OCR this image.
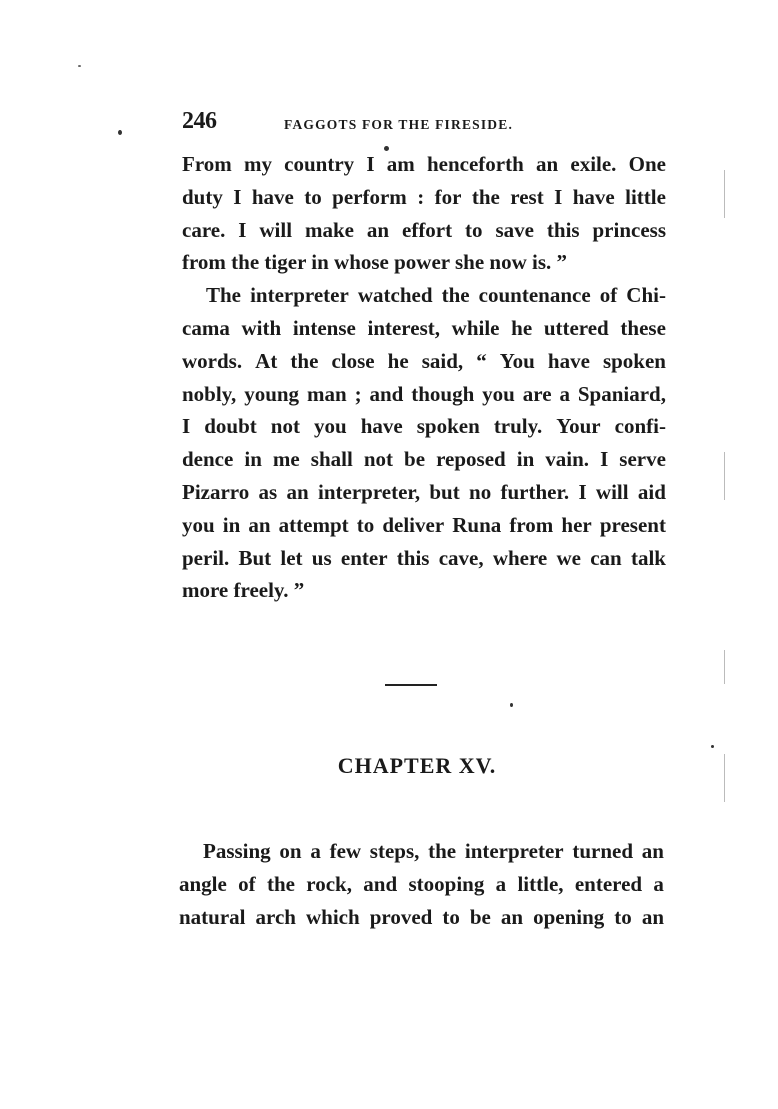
246	FAGGOTS FOR THE FIRESIDE.
From my country I am henceforth an exile. One
duty I have to perform : for the rest I have little
care. I will make an effort to save this princess
from the tiger in whose power she now is. ”
The interpreter watched the countenance of Chi-
cama with intense interest, while he uttered these
words. At the close he said, “ You have spoken
nobly, young man ; and though you are a Spaniard,
I doubt not you have spoken truly. Your confi-
dence in me shall not be reposed in vain. I serve
Pizarro as an interpreter, but no further. I will aid
you in an attempt to deliver Runa from her present
peril. But let us enter this cave, where we can talk
more freely. ”
CHAPTER XV.
Passing on a few steps, the interpreter turned an
angle of the rock, and stooping a little, entered a
natural arch which proved to be an opening to an
